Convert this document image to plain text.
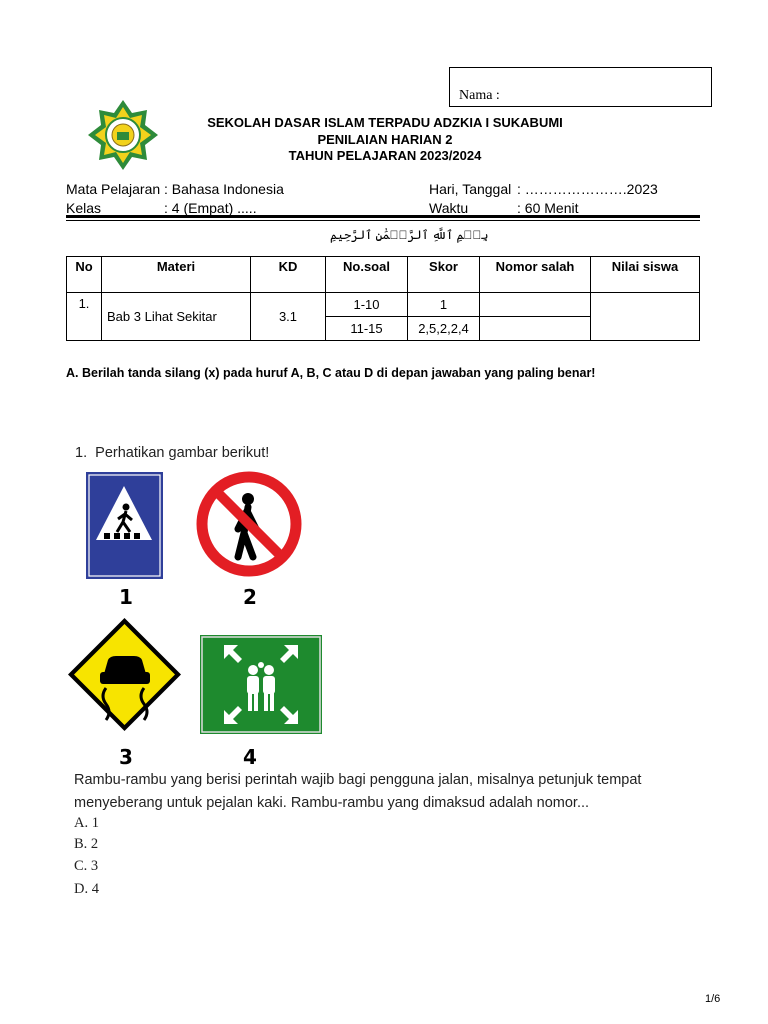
Nama :
SEKOLAH DASAR ISLAM TERPADU ADZKIA I SUKABUMI
PENILAIAN HARIAN 2
TAHUN PELAJARAN 2023/2024
Mata Pelajaran : Bahasa Indonesia
Kelas	: 4 (Empat) .....
Hari, Tanggal : ………………….2023
Waktu	: 60 Menit
بِسۡمِ ٱللَّهِ ٱلرَّحۡمَٰنِ ٱلرَّحِيمِ
No	Materi	KD	No.soal	Skor	Nomor salah	Nilai siswa
1.	Bab 3 Lihat Sekitar	3.1	1-10	1		
			11-15	2,5,2,2,4		
A. Berilah tanda silang (x) pada huruf A, B, C atau D di depan jawaban yang paling benar!
1. Perhatikan gambar berikut!
1	2
3	4
Rambu-rambu yang berisi perintah wajib bagi pengguna jalan, misalnya petunjuk tempat menyeberang untuk pejalan kaki. Rambu-rambu yang dimaksud adalah nomor...
A. 1
B. 2
C. 3
D. 4
1/6
